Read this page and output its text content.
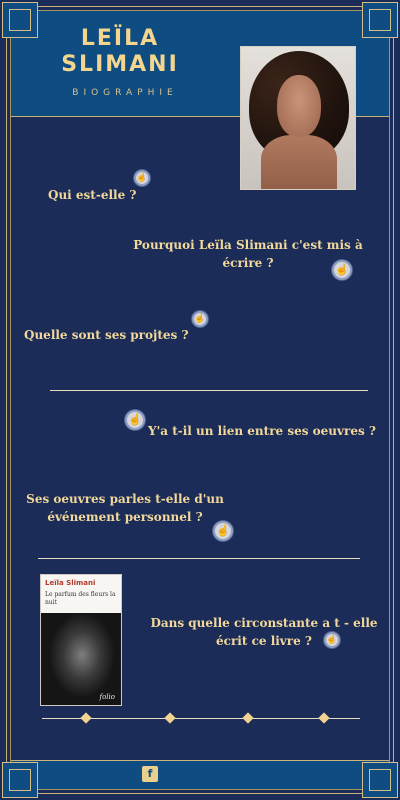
LEÏLA SLIMANI
BIOGRAPHIE
☝
Qui est-elle ?
Pourquoi Leïla Slimani c'est mis à écrire ?	☝
Quelle sont ses projtes ?
☝
☝
Y'a t-il un lien entre ses oeuvres ?
Ses oeuvres parles t-elle d'un événement personnel ?
☝
Leïla Slimani
Le parfum des fleurs la nuit
folio
Dans quelle circonstante a t - elle écrit ce livre ?	☝
f
